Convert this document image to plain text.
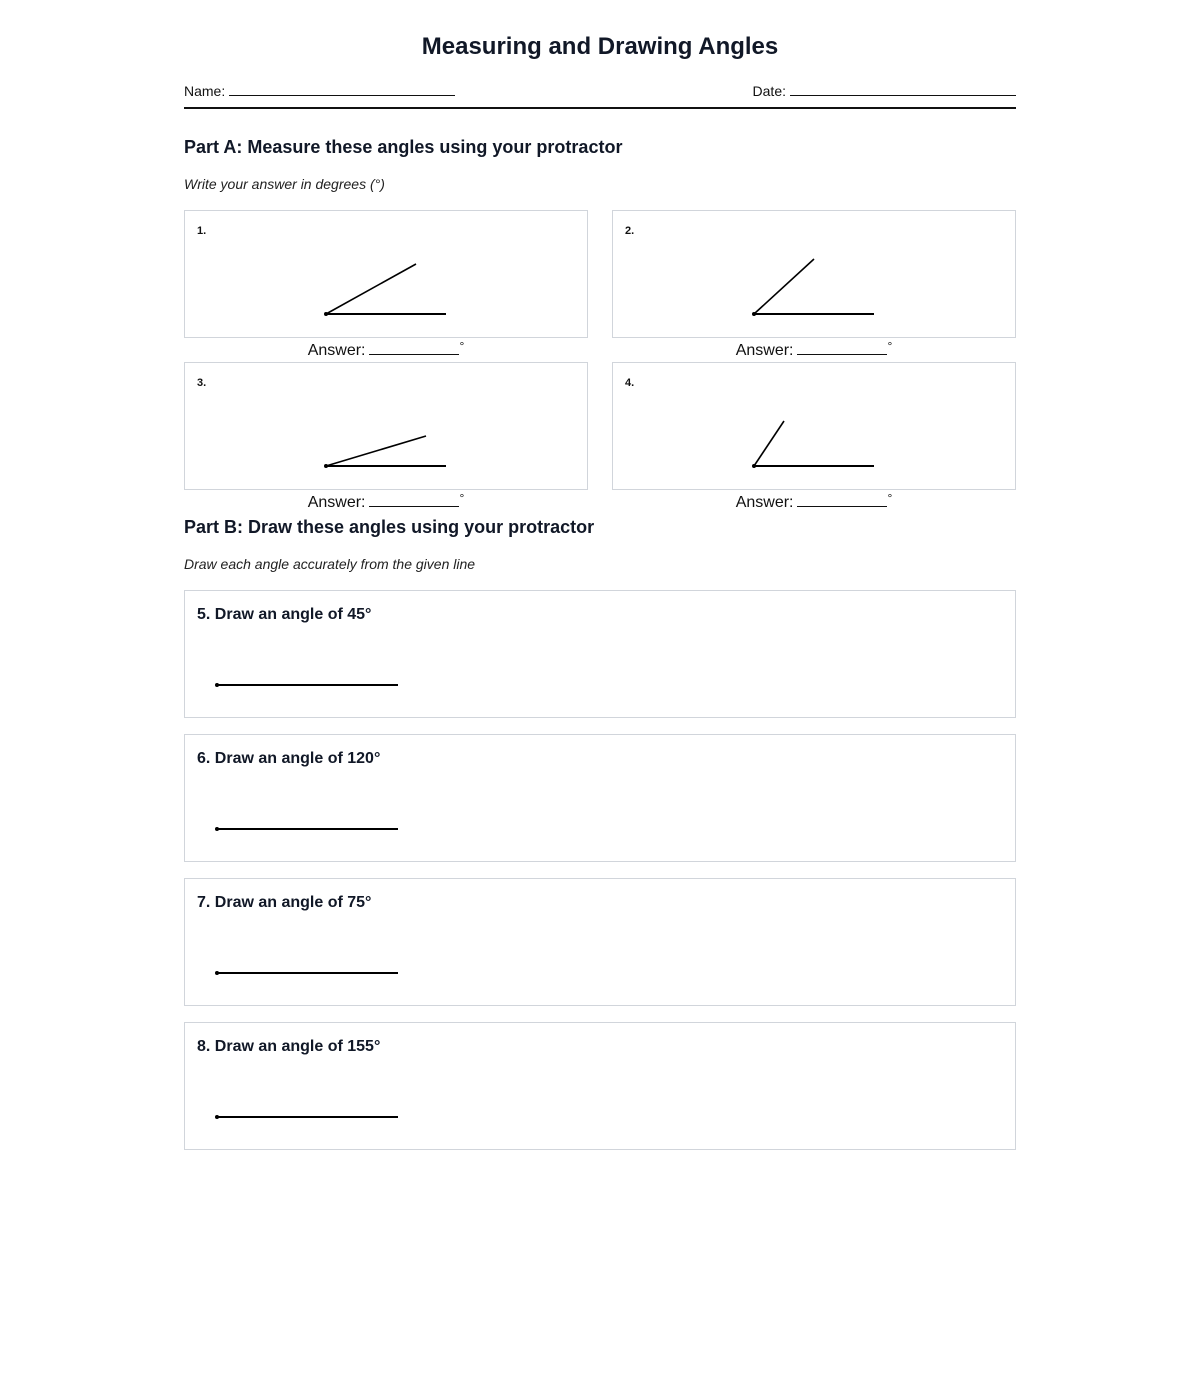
Measuring and Drawing Angles
Name:	Date:
Part A: Measure these angles using your protractor
Write your answer in degrees (°)
1.
Answer:	°
2.
Answer:	°
3.
Answer:	°
4.
Answer:	°
Part B: Draw these angles using your protractor
Draw each angle accurately from the given line
5. Draw an angle of 45°
6. Draw an angle of 120°
7. Draw an angle of 75°
8. Draw an angle of 155°
